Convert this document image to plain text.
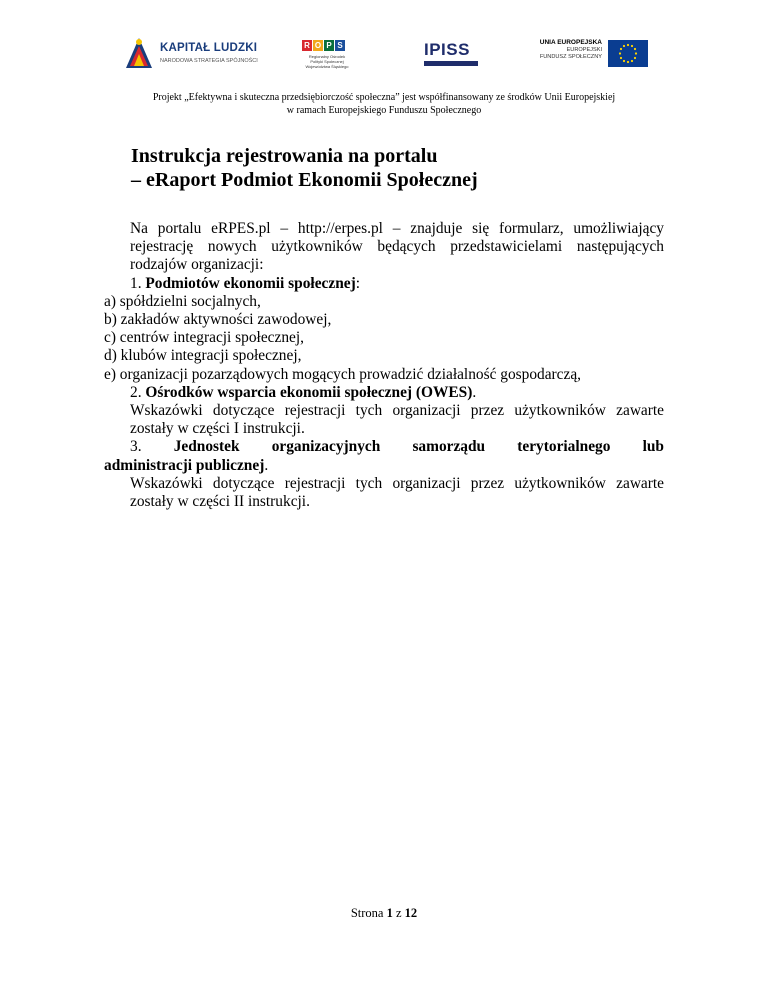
KAPITAŁ LUDZKI
NARODOWA STRATEGIA SPÓJNOŚCI
R O P S
Regionalny Ośrodek Polityki Społecznej Województwa Śląskiego
IPISS	UNIA EUROPEJSKA
EUROPEJSKI
FUNDUSZ SPOŁECZNY
Projekt „Efektywna i skuteczna przedsiębiorczość społeczna” jest współfinansowany ze środków Unii Europejskiej
w ramach Europejskiego Funduszu Społecznego
Instrukcja rejestrowania na portalu
– eRaport Podmiot Ekonomii Społecznej

Na portalu eRPES.pl – http://erpes.pl – znajduje się formularz, umożliwiający rejestrację nowych użytkowników będących przedstawicielami następujących rodzajów organizacji:

1. Podmiotów ekonomii społecznej:

a) spółdzielni socjalnych,

b) zakładów aktywności zawodowej,

c) centrów integracji społecznej,

d) klubów integracji społecznej,

e) organizacji pozarządowych mogących prowadzić działalność gospodarczą,

2. Ośrodków wsparcia ekonomii społecznej (OWES).

Wskazówki dotyczące rejestracji tych organizacji przez użytkowników zawarte zostały w części I instrukcji.

3. Jednostek organizacyjnych samorządu terytorialnego lub

administracji publicznej.

Wskazówki dotyczące rejestracji tych organizacji przez użytkowników zawarte zostały w części II instrukcji.

Strona 1 z 12
